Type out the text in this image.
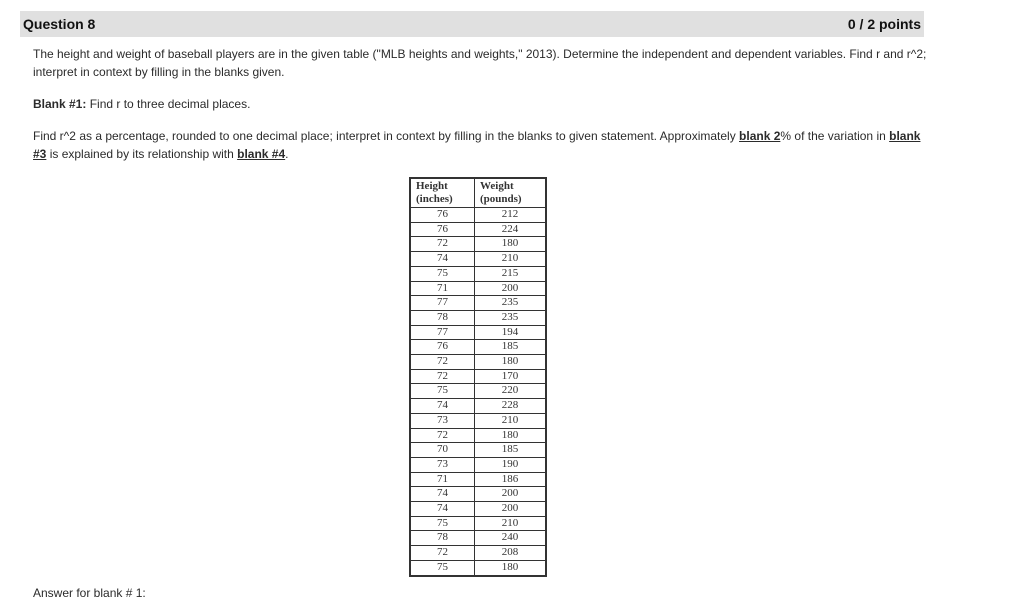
Question 8	0 / 2 points
The height and weight of baseball players are in the given table ("MLB heights and weights," 2013). Determine the independent and dependent variables. Find r and r^2; interpret in context by filling in the blanks given.
Blank #1: Find r to three decimal places.
Find r^2 as a percentage, rounded to one decimal place; interpret in context by filling in the blanks to given statement. Approximately blank 2% of the variation in blank #3 is explained by its relationship with blank #4.
Height (inches)	Weight (pounds)
76	212
76	224
72	180
74	210
75	215
71	200
77	235
78	235
77	194
76	185
72	180
72	170
75	220
74	228
73	210
72	180
70	185
73	190
71	186
74	200
74	200
75	210
78	240
72	208
75	180
Answer for blank # 1:
